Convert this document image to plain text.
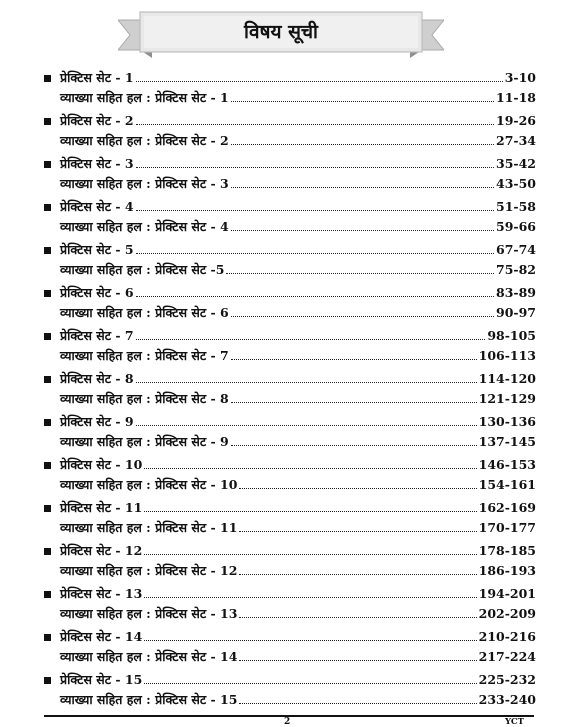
विषय सूची
प्रेक्टिस सेट - 1	3-10
व्याख्या सहित हल : प्रेक्टिस सेट - 1	11-18
प्रेक्टिस सेट - 2	19-26
व्याख्या सहित हल : प्रेक्टिस सेट - 2	27-34
प्रेक्टिस सेट - 3	35-42
व्याख्या सहित हल : प्रेक्टिस सेट - 3	43-50
प्रेक्टिस सेट - 4	51-58
व्याख्या सहित हल : प्रेक्टिस सेट - 4	59-66
प्रेक्टिस सेट - 5	67-74
व्याख्या सहित हल : प्रेक्टिस सेट -5	75-82
प्रेक्टिस सेट - 6	83-89
व्याख्या सहित हल : प्रेक्टिस सेट - 6	90-97
प्रेक्टिस सेट - 7	98-105
व्याख्या सहित हल : प्रेक्टिस सेट - 7	106-113
प्रेक्टिस सेट - 8	114-120
व्याख्या सहित हल : प्रेक्टिस सेट - 8	121-129
प्रेक्टिस सेट - 9	130-136
व्याख्या सहित हल : प्रेक्टिस सेट - 9	137-145
प्रेक्टिस सेट - 10	146-153
व्याख्या सहित हल : प्रेक्टिस सेट - 10	154-161
प्रेक्टिस सेट - 11	162-169
व्याख्या सहित हल : प्रेक्टिस सेट - 11	170-177
प्रेक्टिस सेट - 12	178-185
व्याख्या सहित हल : प्रेक्टिस सेट - 12	186-193
प्रेक्टिस सेट - 13	194-201
व्याख्या सहित हल : प्रेक्टिस सेट - 13	202-209
प्रेक्टिस सेट - 14	210-216
व्याख्या सहित हल : प्रेक्टिस सेट - 14	217-224
प्रेक्टिस सेट - 15	225-232
व्याख्या सहित हल : प्रेक्टिस सेट - 15	233-240
2	YCT
